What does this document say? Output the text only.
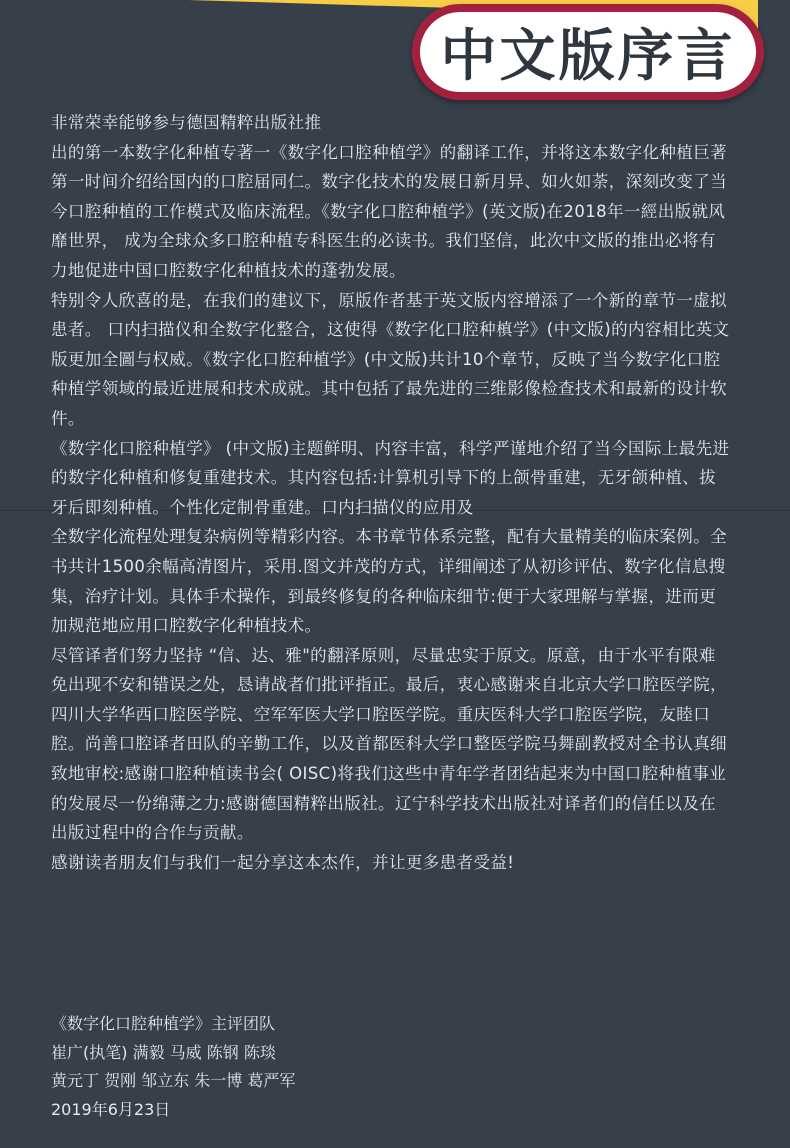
中文版序言

非常荣幸能够参与德国精粹出版社推

出的第一本数字化种植专著一《数字化口腔种植学》的翻译工作，并将这本数字化种植巨著第一时间介绍给国内的口腔届同仁。数字化技术的发展日新月异、如火如荼，深刻改变了当今口腔种植的工作模式及临床流程。《数字化口腔种植学》(英文版)在2018年一經出版就风靡世界， 成为全球众多口腔种植专科医生的必读书。我们坚信，此次中文版的推出必将有力地促进中国口腔数字化种植技术的蓬勃发展。

特别令人欣喜的是，在我们的建议下，原版作者基于英文版内容增添了一个新的章节一虚拟患者。 口内扫描仪和全数字化整合，这使得《数字化口腔种槙学》(中文版)的内容相比英文版更加全圖与权威。《数字化口腔种植学》(中文版)共计10个章节，反映了当今数字化口腔种植学领域的最近进展和技术成就。其中包括了最先进的三维影像检查技术和最新的设计软件。

《数字化口腔种植学》 (中文版)主题鲜明、内容丰富，科学严谨地介绍了当今国际上最先进的数字化种植和修复重建技术。其内容包括:计算机引导下的上颌骨重建，无牙颌种植、拔牙后即刻种植。个性化定制骨重建。口内扫描仪的应用及

全数字化流程处理复杂病例等精彩内容。本书章节体系完整，配有大量精美的临床案例。全书共计1500余幅高清图片，采用.图文并茂的方式，详细阐述了从初诊评估、数字化信息搜集，治疗计划。具体手术操作，到最终修复的各种临床细节:便于大家理解与掌握，进而更加规范地应用口腔数字化种植技术。

尽管译者们努力坚持 “信、达、雅"的翻泽原则，尽量忠实于原文。原意，由于水平有限难免出现不安和错误之处，恳请战者们批评指正。最后，衷心感谢来自北京大学口腔医学院，四川大学华西口腔医学院、空军军医大学口腔医学院。重庆医科大学口腔医学院，友睦口腔。尚善口腔译者田队的辛勤工作，以及首都医科大学口整医学院马舞副教授对全书认真细致地审校:感谢口腔种植读书会( OISC)将我们这些中青年学者团结起来为中国口腔种植事业的发展尽一份绵薄之力:感谢德国精粹出版社。辽宁科学技术出版社对译者们的信任以及在出版过程中的合作与贡献。

感谢读者朋友们与我们一起分享这本杰作，并让更多患者受益!

《数字化口腔种植学》主评团队

崔广(执笔) 满毅 马威 陈钢 陈琰

黄元丁 贺刚 邹立东 朱一博 葛严军

2019年6月23日
